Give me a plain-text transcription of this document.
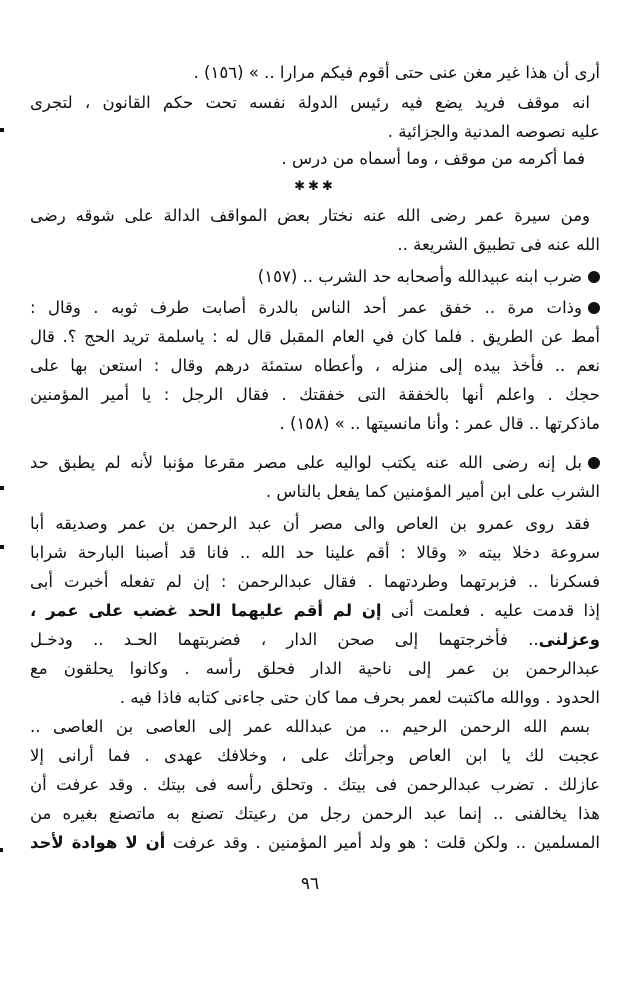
أرى أن هذا غير مغن عنى حتى أقوم فيكم مرارا .. » (١٥٦) .
انه موقف فريد يضع فيه رئيس الدولة نفسه تحت حكم القانون ، لتجرى
عليه نصوصه المدنية والجزائية .
فما أكرمه من موقف ، وما أسماه من درس .
✱✱✱
ومن سيرة عمر رضى الله عنه نختار بعض المواقف الدالة على شوقه رضى
الله عنه فى تطبيق الشريعة ..
ضرب ابنه عبيدالله وأصحابه حد الشرب .. (١٥٧)
وذات مرة .. خفق عمر أحد الناس بالدرة أصابت طرف ثوبه . وقال :
أمط عن الطريق . فلما كان في العام المقبل قال له : ياسلمة تريد الحج ؟. قال
نعم .. فأخذ بيده إلى منزله ، وأعطاه ستمئة درهم وقال : استعن بها على
حجك . واعلم أنها بالخفقة التى خفقتك . فقال الرجل : يا أمير المؤمنين
ماذكرتها .. قال عمر : وأنا مانسيتها .. » (١٥٨) .
بل إنه رضى الله عنه يكتب لواليه على مصر مقرعا مؤنبا لأنه لم يطبق حد
الشرب على ابن أمير المؤمنين كما يفعل بالناس .
فقد روى عمرو بن العاص والى مصر أن عبد الرحمن بن عمر وصديقه أبا
سروعة دخلا بيته « وقالا : أقم علينا حد الله .. فانا قد أصبنا البارحة شرابا
فسكرنا .. فزبرتهما وطردتهما . فقال عبدالرحمن : إن لم تفعله أخبرت أبى
إذا قدمت عليه . فعلمت أنى إن لم أقم عليهما الحد غضب على عمر ،
وعزلنى.. فأخرجتهما إلى صحن الدار ، فضربتهما الحـد .. ودخـل
عبدالرحمن بن عمر إلى ناحية الدار فحلق رأسه . وكانوا يحلقون مع
الحدود . ووالله ماكتبت لعمر بحرف مما كان حتى جاءنى كتابه فاذا فيه .
بسم الله الرحمن الرحيم .. من عبدالله عمر إلى العاصى بن العاصى ..
عجبت لك يا ابن العاص وجرأتك على ، وخلافك عهدى . فما أرانى إلا
عازلك . تضرب عبدالرحمن فى بيتك . وتحلق رأسه فى بيتك . وقد عرفت أن
هذا يخالفنى .. إنما عبد الرحمن رجل من رعيتك تصنع به ماتصنع بغيره من
المسلمين .. ولكن قلت : هو ولد أمير المؤمنين . وقد عرفت أن لا هوادة لأحد
٩٦
